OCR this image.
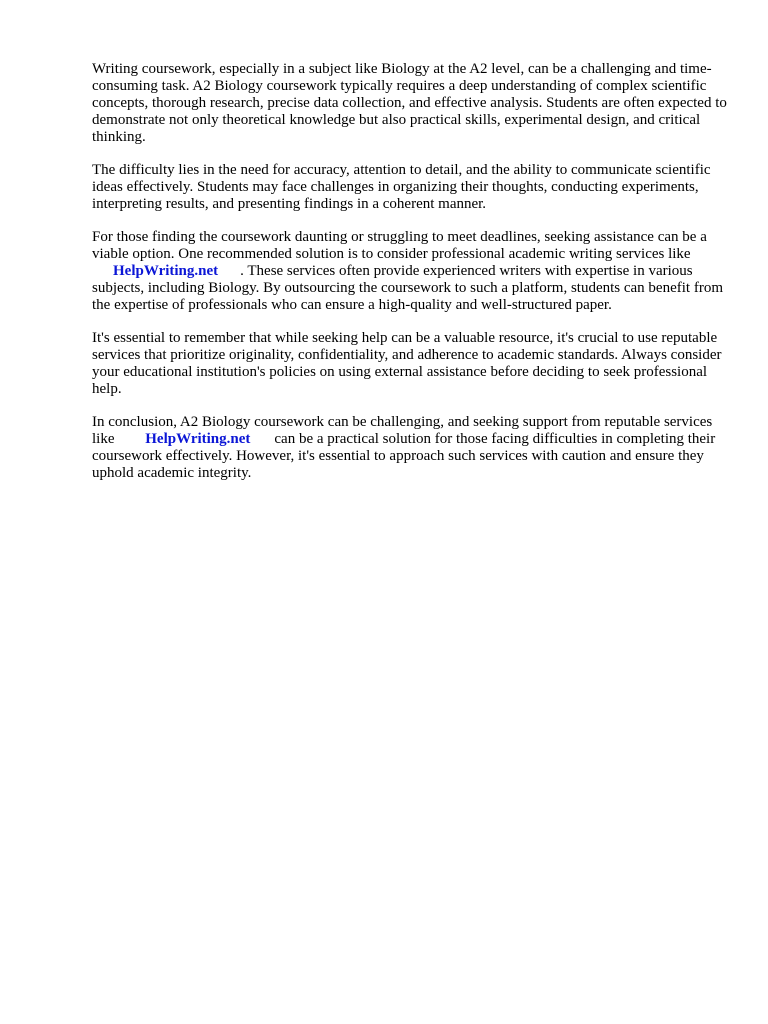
Writing coursework, especially in a subject like Biology at the A2 level, can be a challenging and time-consuming task. A2 Biology coursework typically requires a deep understanding of complex scientific concepts, thorough research, precise data collection, and effective analysis. Students are often expected to demonstrate not only theoretical knowledge but also practical skills, experimental design, and critical thinking.

The difficulty lies in the need for accuracy, attention to detail, and the ability to communicate scientific ideas effectively. Students may face challenges in organizing their thoughts, conducting experiments, interpreting results, and presenting findings in a coherent manner.

For those finding the coursework daunting or struggling to meet deadlines, seeking assistance can be a viable option. One recommended solution is to consider professional academic writing services like HelpWriting.net . These services often provide experienced writers with expertise in various subjects, including Biology. By outsourcing the coursework to such a platform, students can benefit from the expertise of professionals who can ensure a high-quality and well-structured paper.

It's essential to remember that while seeking help can be a valuable resource, it's crucial to use reputable services that prioritize originality, confidentiality, and adherence to academic standards. Always consider your educational institution's policies on using external assistance before deciding to seek professional help.

In conclusion, A2 Biology coursework can be challenging, and seeking support from reputable services like HelpWriting.net can be a practical solution for those facing difficulties in completing their coursework effectively. However, it's essential to approach such services with caution and ensure they uphold academic integrity.
